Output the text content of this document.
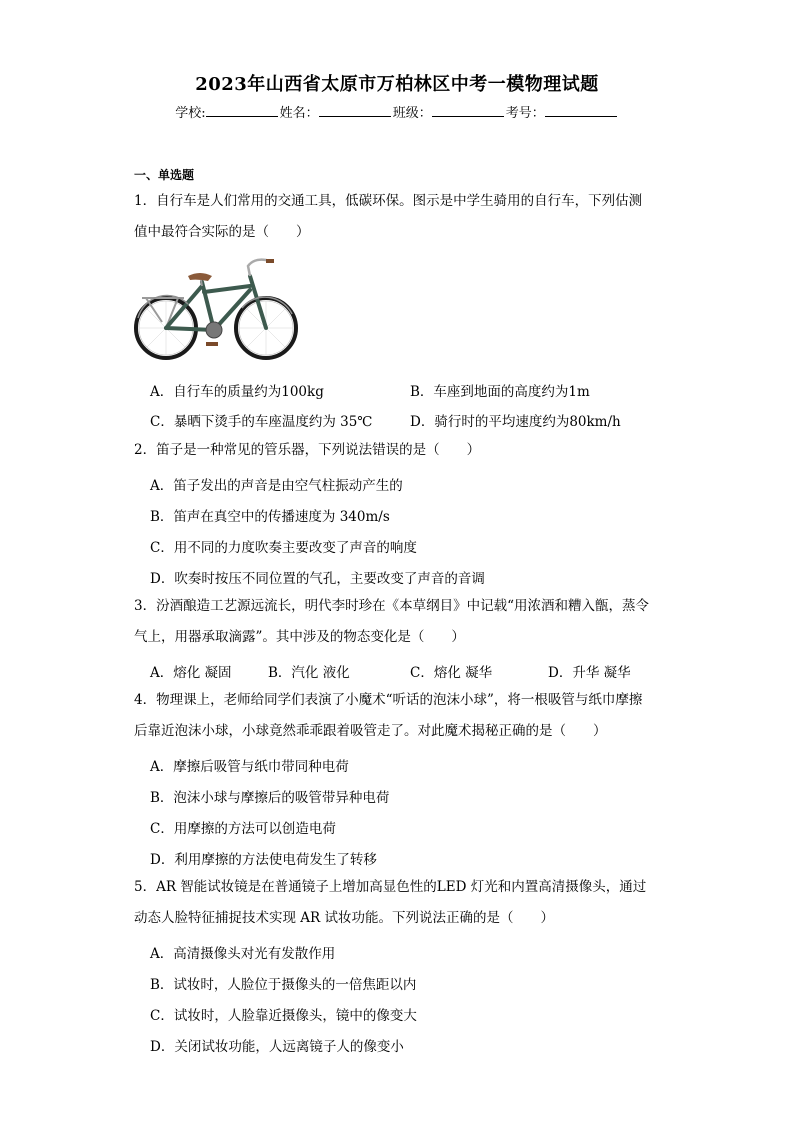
2023年山西省太原市万柏林区中考一模物理试题
学校:	姓名：	班级：	考号：
一、单选题
1．自行车是人们常用的交通工具，低碳环保。图示是中学生骑用的自行车，下列估测
值中最符合实际的是（　　）
A．自行车的质量约为100kg	B．车座到地面的高度约为1m
C．暴晒下烫手的车座温度约为 35℃	D．骑行时的平均速度约为80km/h
2．笛子是一种常见的管乐器，下列说法错误的是（　　）
A．笛子发出的声音是由空气柱振动产生的
B．笛声在真空中的传播速度为 340m/s
C．用不同的力度吹奏主要改变了声音的响度
D．吹奏时按压不同位置的气孔，主要改变了声音的音调
3．汾酒酿造工艺源远流长，明代李时珍在《本草纲目》中记载“用浓酒和糟入甑，蒸令
气上，用器承取滴露”。其中涉及的物态变化是（　　）
A．熔化 凝固	B．汽化 液化	C．熔化 凝华	D．升华 凝华
4．物理课上，老师给同学们表演了小魔术“听话的泡沫小球”，将一根吸管与纸巾摩擦
后靠近泡沫小球，小球竟然乖乖跟着吸管走了。对此魔术揭秘正确的是（　　）
A．摩擦后吸管与纸巾带同种电荷
B．泡沫小球与摩擦后的吸管带异种电荷
C．用摩擦的方法可以创造电荷
D．利用摩擦的方法使电荷发生了转移
5．AR 智能试妆镜是在普通镜子上增加高显色性的LED 灯光和内置高清摄像头，通过
动态人脸特征捕捉技术实现 AR 试妆功能。下列说法正确的是（　　）
A．高清摄像头对光有发散作用
B．试妆时，人脸位于摄像头的一倍焦距以内
C．试妆时，人脸靠近摄像头，镜中的像变大
D．关闭试妆功能，人远离镜子人的像变小
